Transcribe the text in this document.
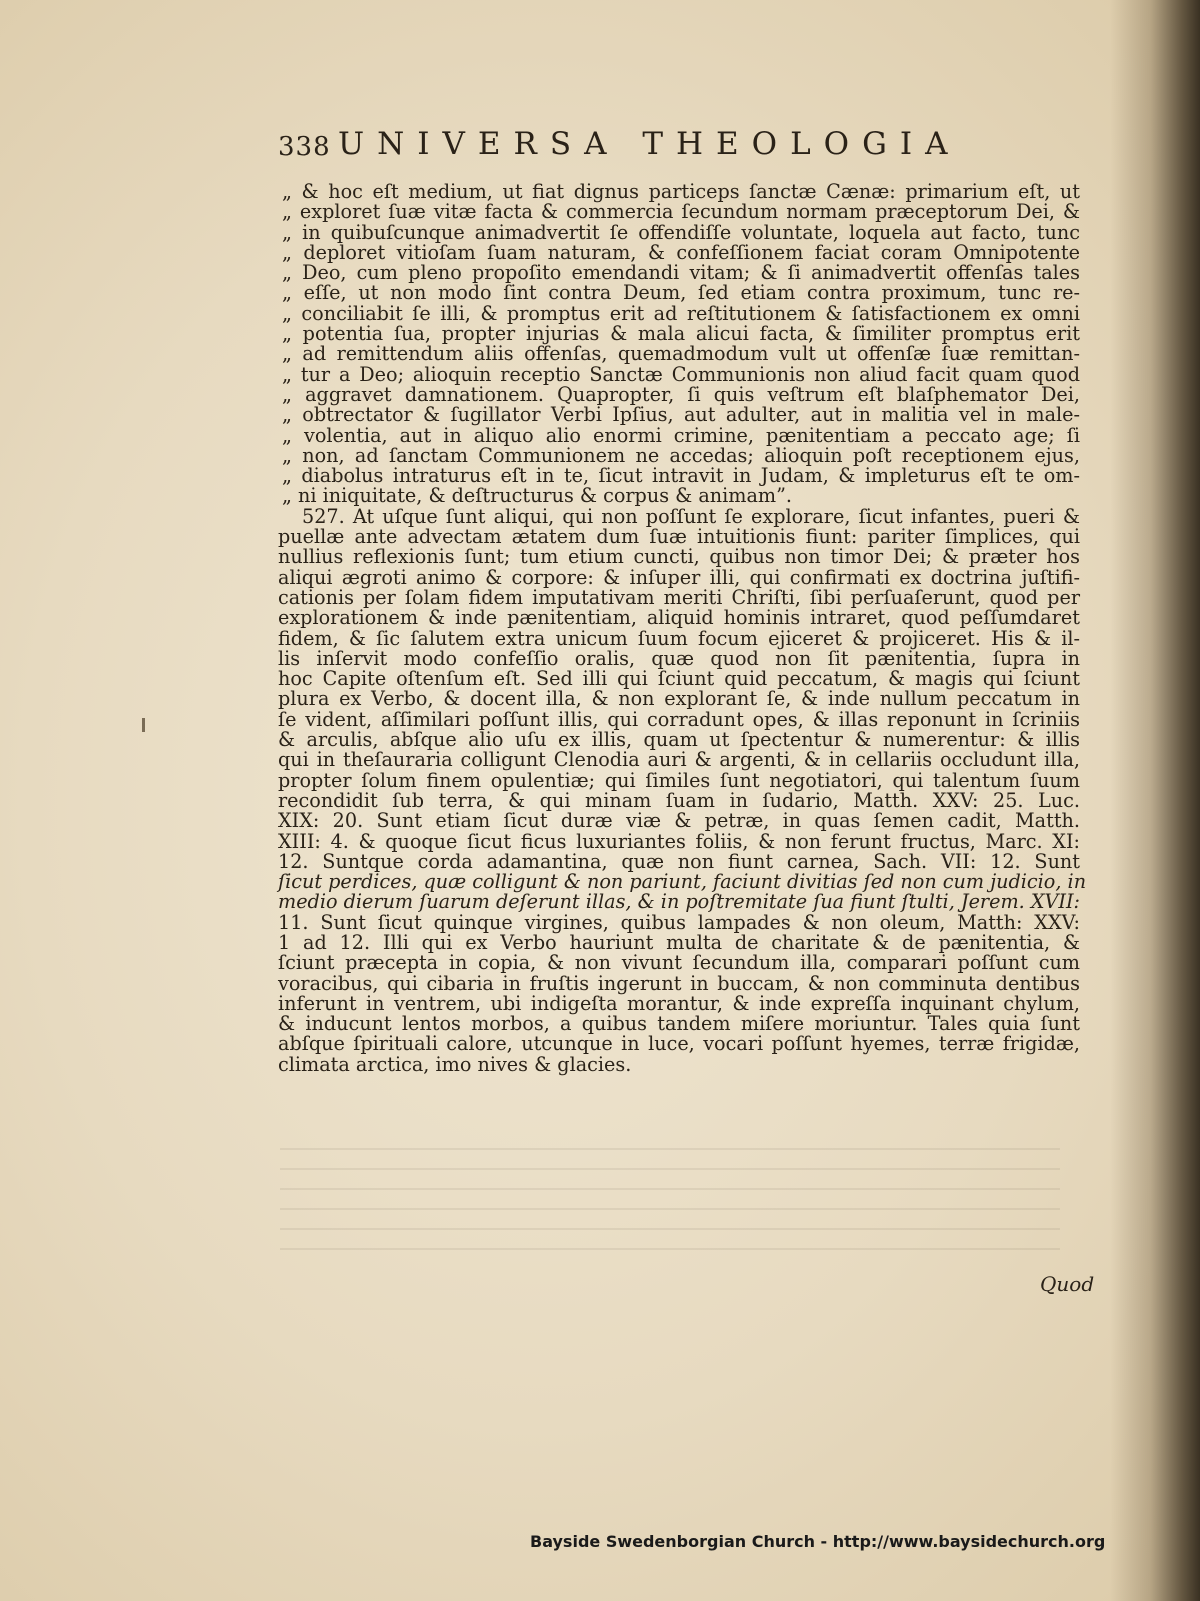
338 UNIVERSA THEOLOGIA
„ & hoc eſt medium, ut fiat dignus particeps ſanctæ Cænæ: primarium eſt, ut
„ exploret ſuæ vitæ facta & commercia ſecundum normam præceptorum Dei, &
„ in quibuſcunque animadvertit ſe offendiſſe voluntate, loquela aut facto, tunc
„ deploret vitioſam ſuam naturam, & confeſſionem faciat coram Omnipotente
„ Deo, cum pleno propoſito emendandi vitam; & ſi animadvertit offenſas tales
„ eſſe, ut non modo ſint contra Deum, ſed etiam contra proximum, tunc re-
„ conciliabit ſe illi, & promptus erit ad reſtitutionem & ſatisfactionem ex omni
„ potentia ſua, propter injurias & mala alicui facta, & ſimiliter promptus erit
„ ad remittendum aliis offenſas, quemadmodum vult ut offenſæ ſuæ remittan-
„ tur a Deo; alioquin receptio Sanctæ Communionis non aliud facit quam quod
„ aggravet damnationem. Quapropter, ſi quis veſtrum eſt blaſphemator Dei,
„ obtrectator & ſugillator Verbi Ipſius, aut adulter, aut in malitia vel in male-
„ volentia, aut in aliquo alio enormi crimine, pænitentiam a peccato age; ſi
„ non, ad ſanctam Communionem ne accedas; alioquin poſt receptionem ejus,
„ diabolus intraturus eſt in te, ſicut intravit in Judam, & impleturus eſt te om-
„ ni iniquitate, & deſtructurus & corpus & animam”.
527. At uſque ſunt aliqui, qui non poſſunt ſe explorare, ſicut infantes, pueri &
puellæ ante advectam ætatem dum ſuæ intuitionis fiunt: pariter ſimplices, qui
nullius reflexionis ſunt; tum etium cuncti, quibus non timor Dei; & præter hos
aliqui ægroti animo & corpore: & inſuper illi, qui confirmati ex doctrina juſtifi-
cationis per ſolam fidem imputativam meriti Chriſti, ſibi perſuaſerunt, quod per
explorationem & inde pænitentiam, aliquid hominis intraret, quod peſſumdaret
fidem, & ſic ſalutem extra unicum ſuum focum ejiceret & projiceret. His & il-
lis inſervit modo confeſſio oralis, quæ quod non ſit pænitentia, ſupra in
hoc Capite oſtenſum eſt. Sed illi qui ſciunt quid peccatum, & magis qui ſciunt
plura ex Verbo, & docent illa, & non explorant ſe, & inde nullum peccatum in
ſe vident, aſſimilari poſſunt illis, qui corradunt opes, & illas reponunt in ſcriniis
& arculis, abſque alio uſu ex illis, quam ut ſpectentur & numerentur: & illis
qui in theſauraria colligunt Clenodia auri & argenti, & in cellariis occludunt illa,
propter ſolum finem opulentiæ; qui ſimiles ſunt negotiatori, qui talentum ſuum
recondidit ſub terra, & qui minam ſuam in ſudario, Matth. XXV: 25. Luc.
XIX: 20. Sunt etiam ſicut duræ viæ & petræ, in quas ſemen cadit, Matth.
XIII: 4. & quoque ſicut ficus luxuriantes foliis, & non ferunt fructus, Marc. XI:
12. Suntque corda adamantina, quæ non fiunt carnea, Sach. VII: 12. Sunt
ſicut perdices, quæ colligunt & non pariunt, faciunt divitias ſed non cum judicio, in
medio dierum ſuarum deſerunt illas, & in poſtremitate ſua fiunt ſtulti, Jerem. XVII:
11. Sunt ſicut quinque virgines, quibus lampades & non oleum, Matth: XXV:
1 ad 12. Illi qui ex Verbo hauriunt multa de charitate & de pænitentia, &
ſciunt præcepta in copia, & non vivunt ſecundum illa, comparari poſſunt cum
voracibus, qui cibaria in fruſtis ingerunt in buccam, & non comminuta dentibus
inferunt in ventrem, ubi indigeſta morantur, & inde expreſſa inquinant chylum,
& inducunt lentos morbos, a quibus tandem miſere moriuntur. Tales quia ſunt
abſque ſpirituali calore, utcunque in luce, vocari poſſunt hyemes, terræ frigidæ,
climata arctica, imo nives & glacies.
Quod
Bayside Swedenborgian Church - http://www.baysidechurch.org
